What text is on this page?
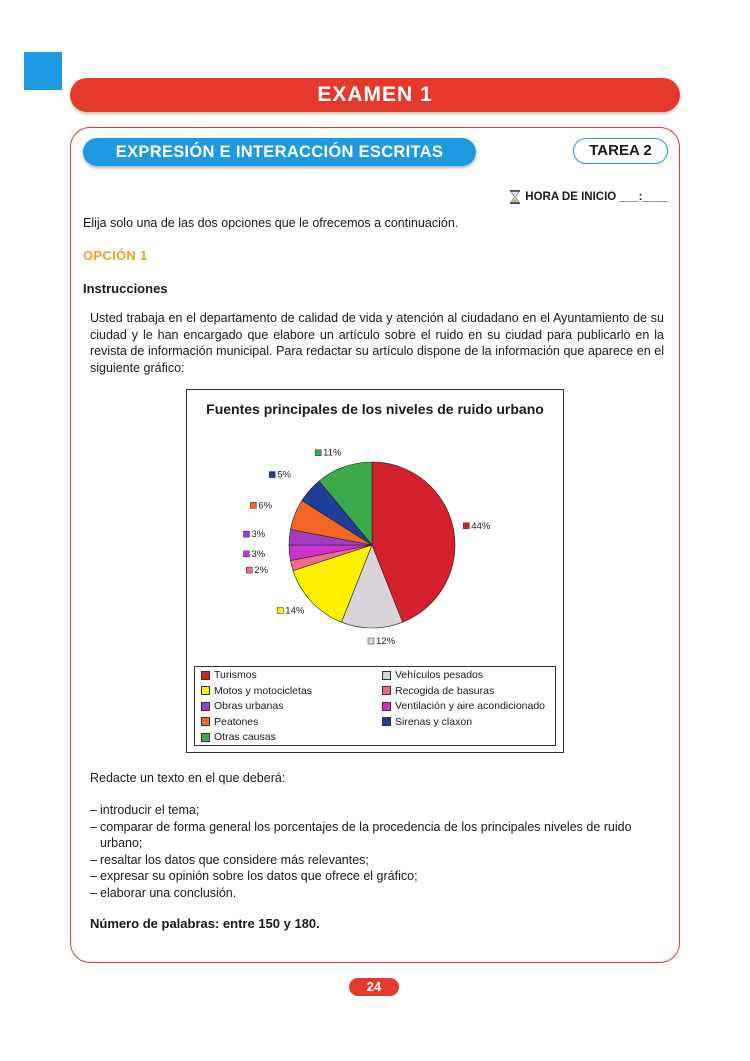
EXAMEN 1
EXPRESIÓN E INTERACCIÓN ESCRITAS	TAREA 2
HORA DE INICIO ___:____
Elija solo una de las dos opciones que le ofrecemos a continuación.
OPCIÓN 1
Instrucciones
Usted trabaja en el departamento de calidad de vida y atención al ciudadano en el Ayuntamiento de su ciudad y le han encargado que elabore un artículo sobre el ruido en su ciudad para publicarlo en la revista de información municipal. Para redactar su artículo dispone de la información que aparece en el siguiente gráfico:
Fuentes principales de los niveles de ruido urbano
44%
12%
14%
2%
3%
3%
6%
5%
11%
Turismos	Vehículos pesados
Motos y motocicletas	Recogida de basuras
Obras urbanas	Ventilación y aire acondicionado
Peatones	Sirenas y claxon
Otras causas
Redacte un texto en el que deberá:
– introducir el tema;
– comparar de forma general los porcentajes de la procedencia de los principales niveles de ruido urbano;
– resaltar los datos que considere más relevantes;
– expresar su opinión sobre los datos que ofrece el gráfico;
– elaborar una conclusión.
Número de palabras: entre 150 y 180.
24
